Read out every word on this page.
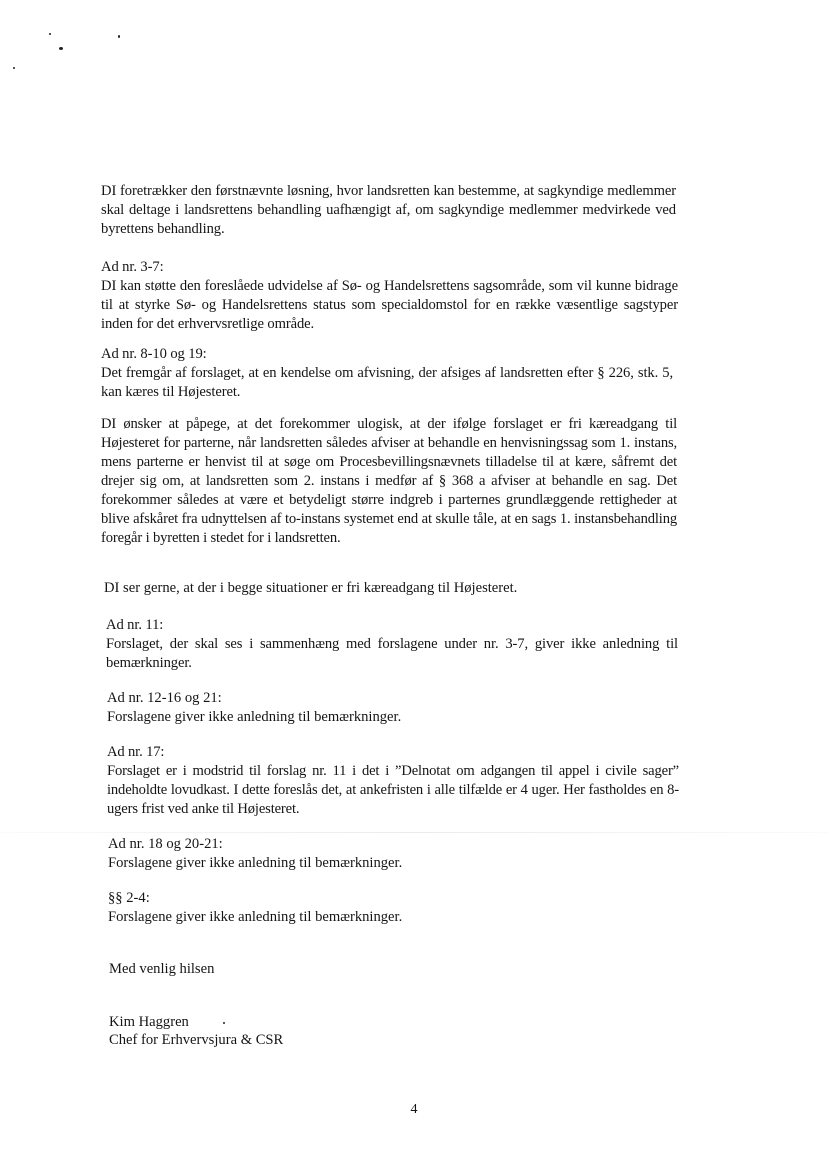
DI foretrækker den førstnævnte løsning, hvor landsretten kan bestemme, at sagkyndige medlemmer skal deltage i landsrettens behandling uafhængigt af, om sagkyndige medlemmer medvirkede ved byrettens behandling.

Ad nr. 3-7:

DI kan støtte den foreslåede udvidelse af Sø- og Handelsrettens sagsområde, som vil kunne bidrage til at styrke Sø- og Handelsrettens status som specialdomstol for en række væsentlige sagstyper inden for det erhvervsretlige område.

Ad nr. 8-10 og 19:

Det fremgår af forslaget, at en kendelse om afvisning, der afsiges af landsretten efter § 226, stk. 5, kan kæres til Højesteret.

DI ønsker at påpege, at det forekommer ulogisk, at der ifølge forslaget er fri kæreadgang til Højesteret for parterne, når landsretten således afviser at behandle en henvisningssag som 1. instans, mens parterne er henvist til at søge om Procesbevillingsnævnets tilladelse til at kære, såfremt det drejer sig om, at landsretten som 2. instans i medfør af § 368 a afviser at behandle en sag. Det forekommer således at være et betydeligt større indgreb i parternes grundlæggende rettigheder at blive afskåret fra udnyttelsen af to-instans systemet end at skulle tåle, at en sags 1. instansbehandling foregår i byretten i stedet for i landsretten.

DI ser gerne, at der i begge situationer er fri kæreadgang til Højesteret.

Ad nr. 11:

Forslaget, der skal ses i sammenhæng med forslagene under nr. 3-7, giver ikke anledning til bemærkninger.

Ad nr. 12-16 og 21:

Forslagene giver ikke anledning til bemærkninger.

Ad nr. 17:

Forslaget er i modstrid til forslag nr. 11 i det i ”Delnotat om adgangen til appel i civile sager” indeholdte lovudkast. I dette foreslås det, at ankefristen i alle tilfælde er 4 uger. Her fastholdes en 8-ugers frist ved anke til Højesteret.

Ad nr. 18 og 20-21:

Forslagene giver ikke anledning til bemærkninger.

§§ 2-4:

Forslagene giver ikke anledning til bemærkninger.

Med venlig hilsen
Kim Haggren
Chef for Erhvervsjura & CSR
4
